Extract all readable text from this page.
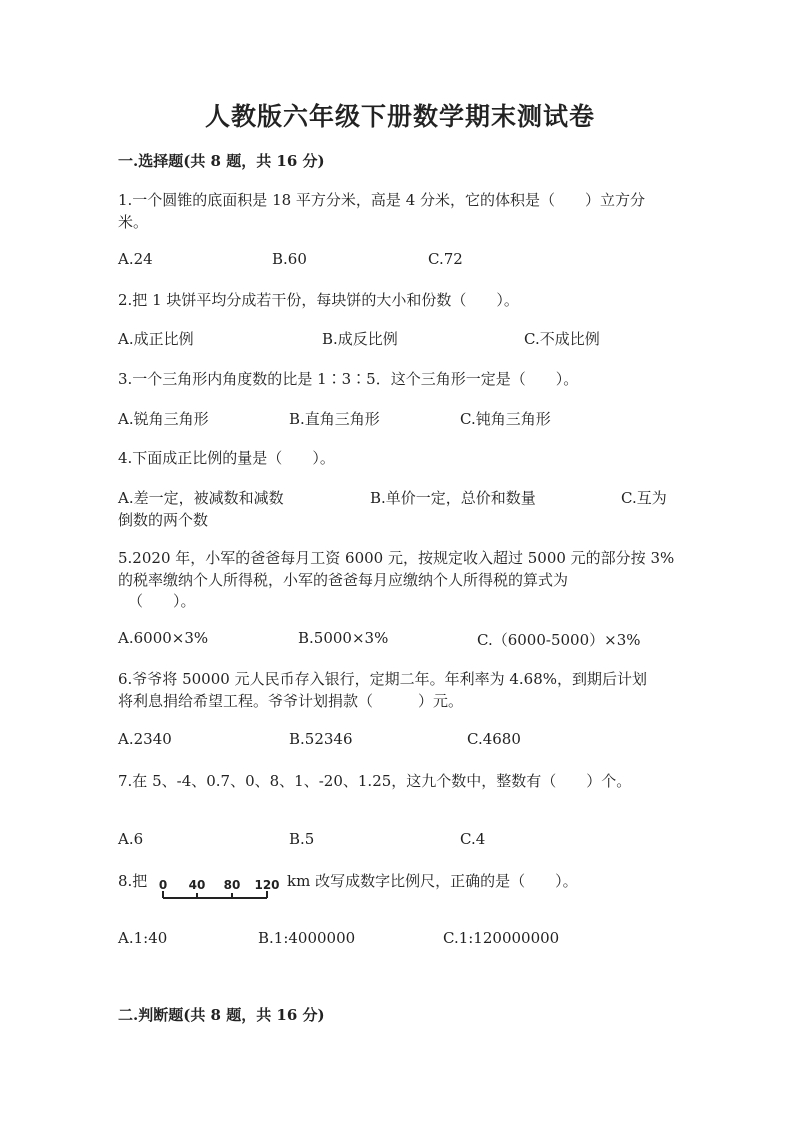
人教版六年级下册数学期末测试卷
一.选择题(共 8 题，共 16 分)
1.一个圆锥的底面积是 18 平方分米，高是 4 分米，它的体积是（　　）立方分
米。
A.24	B.60	C.72
2.把 1 块饼平均分成若干份，每块饼的大小和份数（　　）。
A.成正比例	B.成反比例	C.不成比例
3.一个三角形内角度数的比是 1∶3∶5．这个三角形一定是（　　）。
A.锐角三角形	B.直角三角形	C.钝角三角形
4.下面成正比例的量是（　　）。
A.差一定，被减数和减数	B.单价一定，总价和数量	C.互为
倒数的两个数
5.2020 年，小军的爸爸每月工资 6000 元，按规定收入超过 5000 元的部分按 3%
的税率缴纳个人所得税，小军的爸爸每月应缴纳个人所得税的算式为
（　　）。
A.6000×3%	B.5000×3%	C.（6000-5000）×3%
6.爷爷将 50000 元人民币存入银行，定期二年。年利率为 4.68%，到期后计划
将利息捐给希望工程。爷爷计划捐款（　　　）元。
A.2340	B.52346	C.4680
7.在 5、-4、0.7、0、8、1、-20、1.25，这九个数中，整数有（　　）个。
A.6	B.5	C.4
8.把 0 40 80 120 km 改写成数字比例尺，正确的是（　　）。
A.1:40	B.1:4000000	C.1:120000000
二.判断题(共 8 题，共 16 分)
